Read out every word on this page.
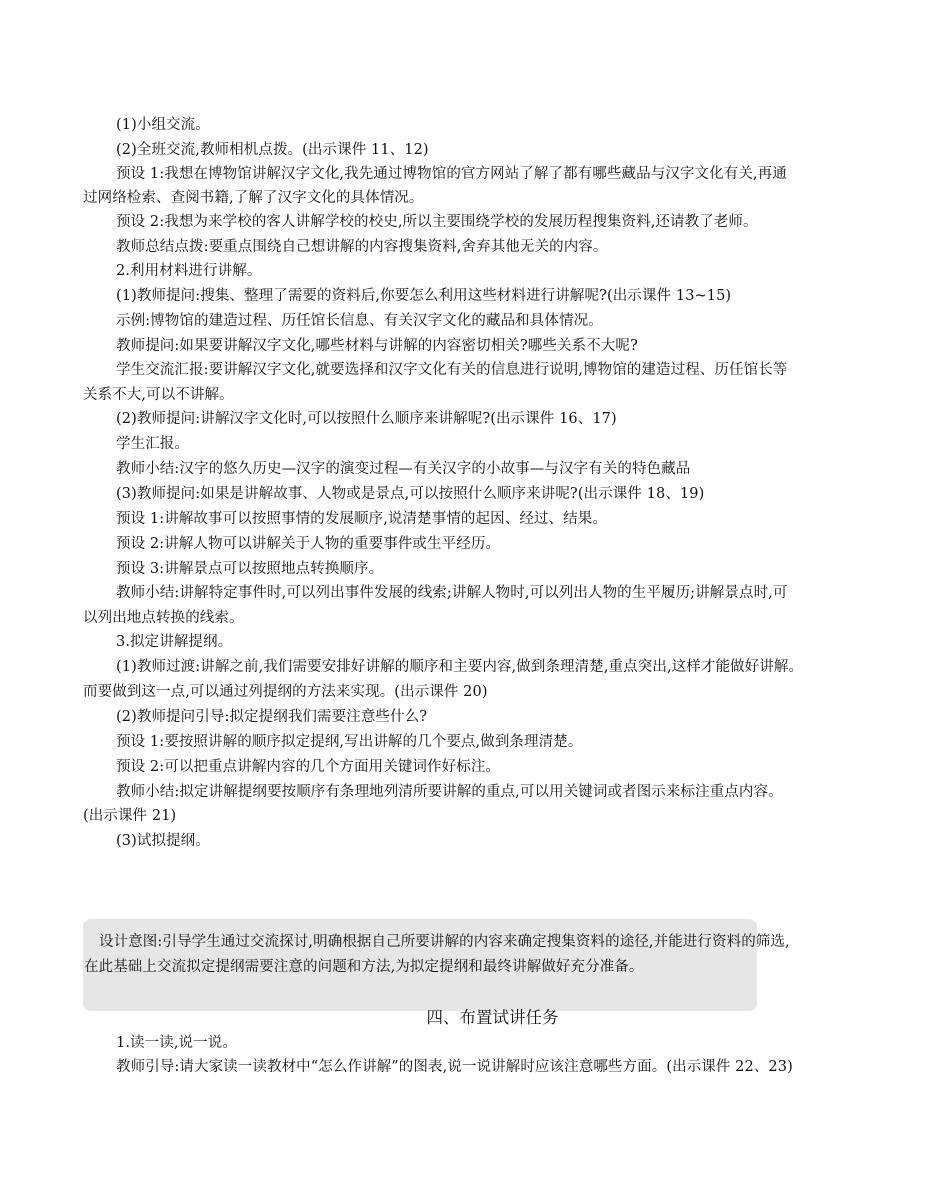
(1)小组交流。
(2)全班交流,教师相机点拨。(出示课件 11、12)
预设 1:我想在博物馆讲解汉字文化,我先通过博物馆的官方网站了解了都有哪些藏品与汉字文化有关,再通
过网络检索、查阅书籍,了解了汉字文化的具体情况。
预设 2:我想为来学校的客人讲解学校的校史,所以主要围绕学校的发展历程搜集资料,还请教了老师。
教师总结点拨:要重点围绕自己想讲解的内容搜集资料,舍弃其他无关的内容。
2.利用材料进行讲解。
(1)教师提问:搜集、整理了需要的资料后,你要怎么利用这些材料进行讲解呢?(出示课件 13~15)
示例:博物馆的建造过程、历任馆长信息、有关汉字文化的藏品和具体情况。
教师提问:如果要讲解汉字文化,哪些材料与讲解的内容密切相关?哪些关系不大呢?
学生交流汇报:要讲解汉字文化,就要选择和汉字文化有关的信息进行说明,博物馆的建造过程、历任馆长等
关系不大,可以不讲解。
(2)教师提问:讲解汉字文化时,可以按照什么顺序来讲解呢?(出示课件 16、17)
学生汇报。
教师小结:汉字的悠久历史—汉字的演变过程—有关汉字的小故事—与汉字有关的特色藏品
(3)教师提问:如果是讲解故事、人物或是景点,可以按照什么顺序来讲呢?(出示课件 18、19)
预设 1:讲解故事可以按照事情的发展顺序,说清楚事情的起因、经过、结果。
预设 2:讲解人物可以讲解关于人物的重要事件或生平经历。
预设 3:讲解景点可以按照地点转换顺序。
教师小结:讲解特定事件时,可以列出事件发展的线索;讲解人物时,可以列出人物的生平履历;讲解景点时,可
以列出地点转换的线索。
3.拟定讲解提纲。
(1)教师过渡:讲解之前,我们需要安排好讲解的顺序和主要内容,做到条理清楚,重点突出,这样才能做好讲解。
而要做到这一点,可以通过列提纲的方法来实现。(出示课件 20)
(2)教师提问引导:拟定提纲我们需要注意些什么?
预设 1:要按照讲解的顺序拟定提纲,写出讲解的几个要点,做到条理清楚。
预设 2:可以把重点讲解内容的几个方面用关键词作好标注。
教师小结:拟定讲解提纲要按顺序有条理地列清所要讲解的重点,可以用关键词或者图示来标注重点内容。
(出示课件 21)
(3)试拟提纲。
设计意图:引导学生通过交流探讨,明确根据自己所要讲解的内容来确定搜集资料的途径,并能进行资料的筛选,
在此基础上交流拟定提纲需要注意的问题和方法,为拟定提纲和最终讲解做好充分准备。
四、布置试讲任务
1.读一读,说一说。
教师引导:请大家读一读教材中“怎么作讲解”的图表,说一说讲解时应该注意哪些方面。(出示课件 22、23)
